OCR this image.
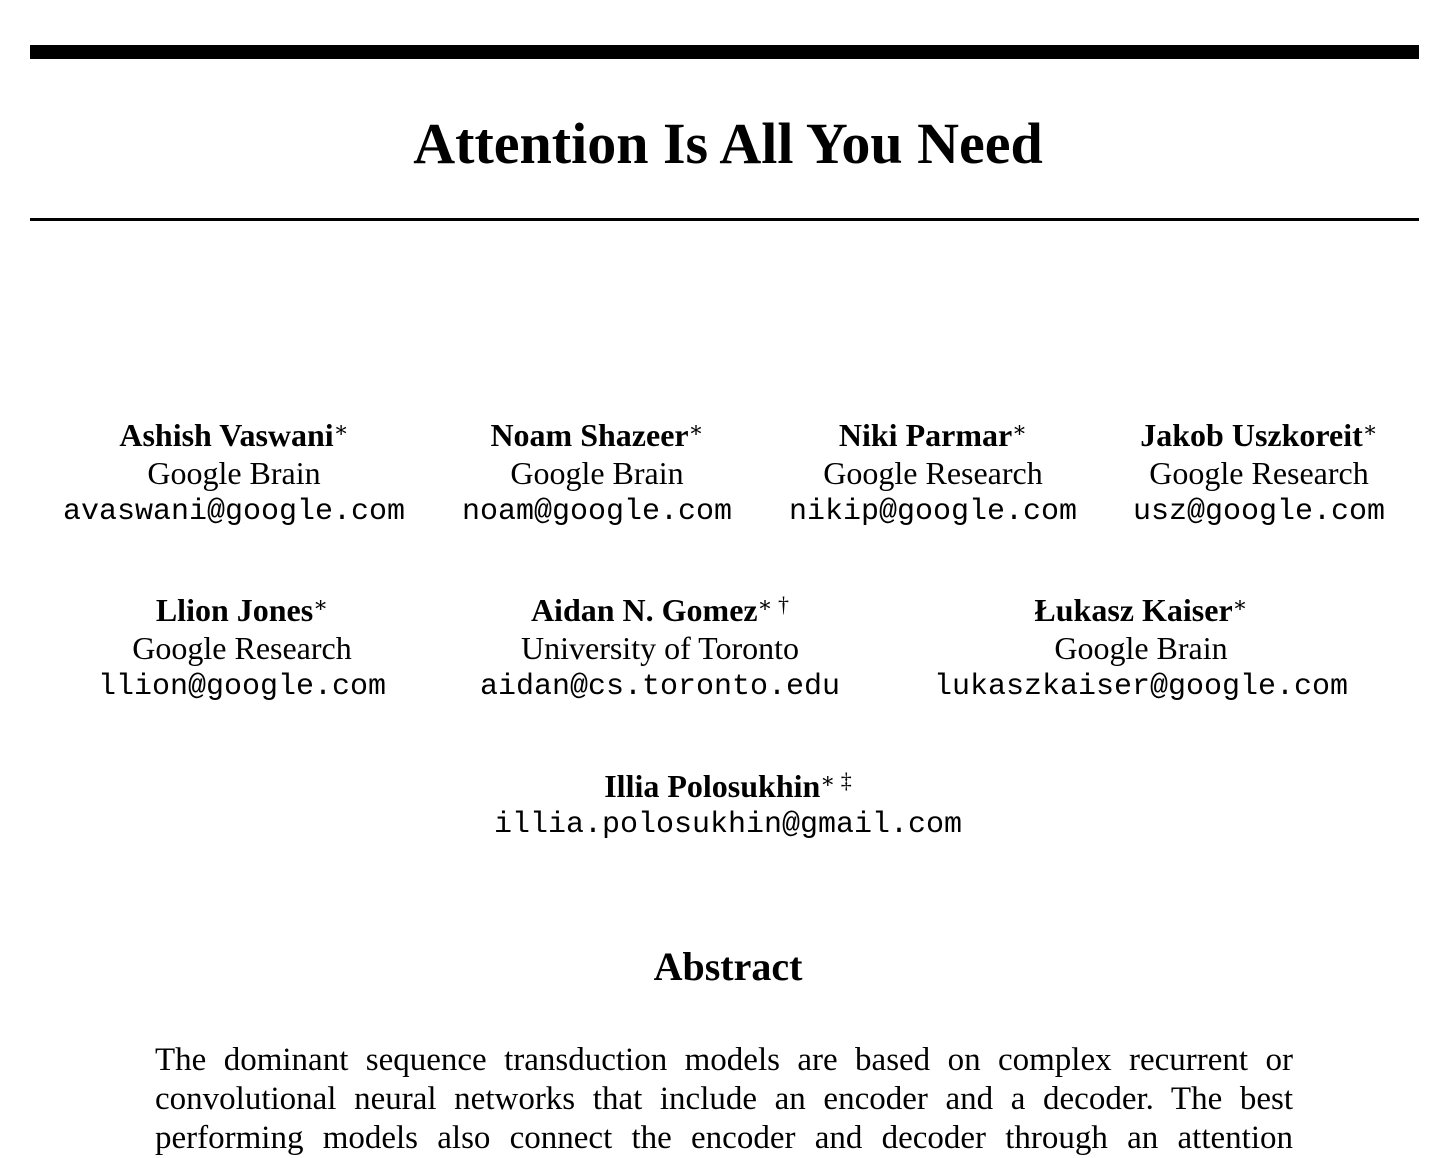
Attention Is All You Need
Ashish Vaswani∗
Google Brain
avaswani@google.com
Noam Shazeer∗
Google Brain
noam@google.com
Niki Parmar∗
Google Research
nikip@google.com
Jakob Uszkoreit∗
Google Research
usz@google.com
Llion Jones∗
Google Research
llion@google.com
Aidan N. Gomez∗ †
University of Toronto
aidan@cs.toronto.edu
Łukasz Kaiser∗
Google Brain
lukaszkaiser@google.com
Illia Polosukhin∗ ‡
illia.polosukhin@gmail.com
Abstract
The dominant sequence transduction models are based on complex recurrent or
convolutional neural networks that include an encoder and a decoder. The best
performing models also connect the encoder and decoder through an attention
